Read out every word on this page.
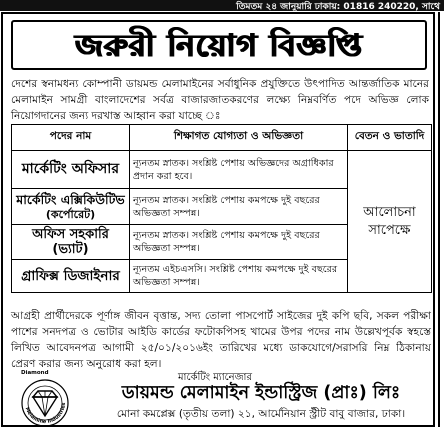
তিমতম ২৪ জানুয়ারি ঢাকায়: 01816 240220, সাথে
জরুরী নিয়োগ বিজ্ঞপ্তি

দেশের স্বনামধন্য কোম্পানী ডায়মন্ড মেলামাইনের সর্বাধুনিক প্রযুক্তিতে উৎপাদিত আন্তর্জাতিক মানের মেলামাইন সামগ্রী বাংলাদেশের সর্বত্র বাজারজাতকরণের লক্ষ্যে নিম্নবর্ণিত পদে অভিজ্ঞ লোক নিয়োগদানের জন্য দরখাস্ত আহ্বান করা যাচ্ছে ঃ

পদের নাম	শিক্ষাগত যোগ্যতা ও অভিজ্ঞতা	বেতন ও ভাতাদি
মার্কেটিং অফিসার	ন্যূনতম স্নাতক। সংশ্লিষ্ট পেশায় অভিজ্ঞদের অগ্রাধিকার প্রদান করা হবে।	আলোচনা
সাপেক্ষে

মার্কেটিং এক্সিকিউটিভ
(কর্পোরেট)	ন্যূনতম স্নাতক। সংশ্লিষ্ট পেশায় কমপক্ষে দুই বছরের অভিজ্ঞতা সম্পন্ন।	
অফিস সহকারি (ভ্যাট)	ন্যূনতম স্নাতক। সংশ্লিষ্ট পেশায় কমপক্ষে দুই বছরের অভিজ্ঞতা সম্পন্ন।	
গ্রাফিক্স ডিজাইনার	ন্যূনতম এইচএসসি। সংশ্লিষ্ট পেশায় কমপক্ষে দুই বছরের অভিজ্ঞতা সম্পন্ন।	

আগ্রহী প্রার্থীদেরকে পূর্ণাঙ্গ জীবন বৃত্তান্ত, সদ্য তোলা পাসপোর্ট সাইজের দুই কপি ছবি, সকল পরীক্ষা পাশের সনদপত্র ও ভোটার আইডি কার্ডের ফটোকপিসহ খামের উপর পদের নাম উল্লেখপূর্বক স্বহস্তে লিখিত আবেদনপত্র আগামী ২৫/০১/২০১৬ইং তারিখের মধ্যে ডাকযোগে/সরাসরি নিম্ন ঠিকানায় প্রেরণ করার জন্য অনুরোধ করা হল।

মার্কেটিং ম্যানেজার
Melamine Industries
Diamond
ডায়মন্ড মেলামাইন ইন্ডাস্ট্রিজ (প্রাঃ) লিঃ
মোনা কমপ্লেক্স (তৃতীয় তলা) ২১, আর্মেনিয়ান স্ট্রীট বাবু বাজার, ঢাকা।
